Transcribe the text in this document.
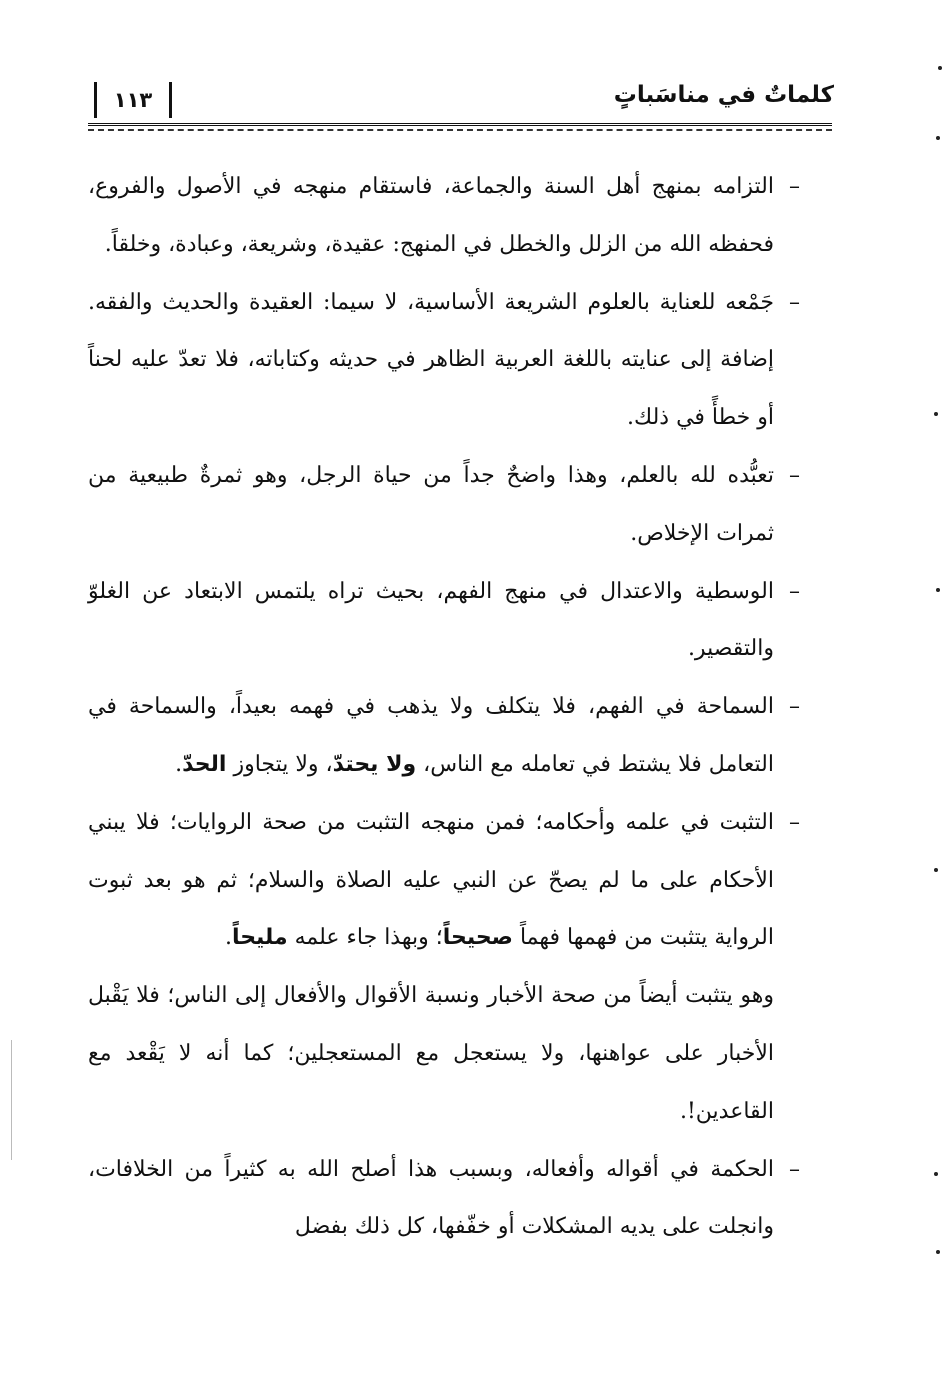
كلماتٌ في مناسَباتٍ
١١٣

–
التزامه بمنهج أهل السنة والجماعة، فاستقام منهجه في الأصول والفروع، فحفظه الله من الزلل والخطل في المنهج: عقيدة، وشريعة، وعبادة، وخلقاً.

–
جَمْعه للعناية بالعلوم الشريعة الأساسية، لا سيما: العقيدة والحديث والفقه. إضافة إلى عنايته باللغة العربية الظاهر في حديثه وكتاباته، فلا تعدّ عليه لحناً أو خطأً في ذلك.

–
تعبُّده لله بالعلم، وهذا واضحٌ جداً من حياة الرجل، وهو ثمرةٌ طبيعية من ثمرات الإخلاص.

–
الوسطية والاعتدال في منهج الفهم، بحيث تراه يلتمس الابتعاد عن الغلوّ والتقصير.

–
السماحة في الفهم، فلا يتكلف ولا يذهب في فهمه بعيداً، والسماحة في التعامل فلا يشتط في تعامله مع الناس، ولا يحتدّ، ولا يتجاوز الحدّ.

–
التثبت في علمه وأحكامه؛ فمن منهجه التثبت من صحة الروايات؛ فلا يبني الأحكام على ما لم يصحّ عن النبي عليه الصلاة والسلام؛ ثم هو بعد ثبوت الرواية يتثبت من فهمها فهماً صحيحاً؛ وبهذا جاء علمه مليحاً.

وهو يتثبت أيضاً من صحة الأخبار ونسبة الأقوال والأفعال إلى الناس؛ فلا يَقْبل الأخبار على عواهنها، ولا يستعجل مع المستعجلين؛ كما أنه لا يَقْعد مع القاعدين!.

–
الحكمة في أقواله وأفعاله، وبسبب هذا أصلح الله به كثيراً من الخلافات، وانجلت على يديه المشكلات أو خفّفها، كل ذلك بفضل
